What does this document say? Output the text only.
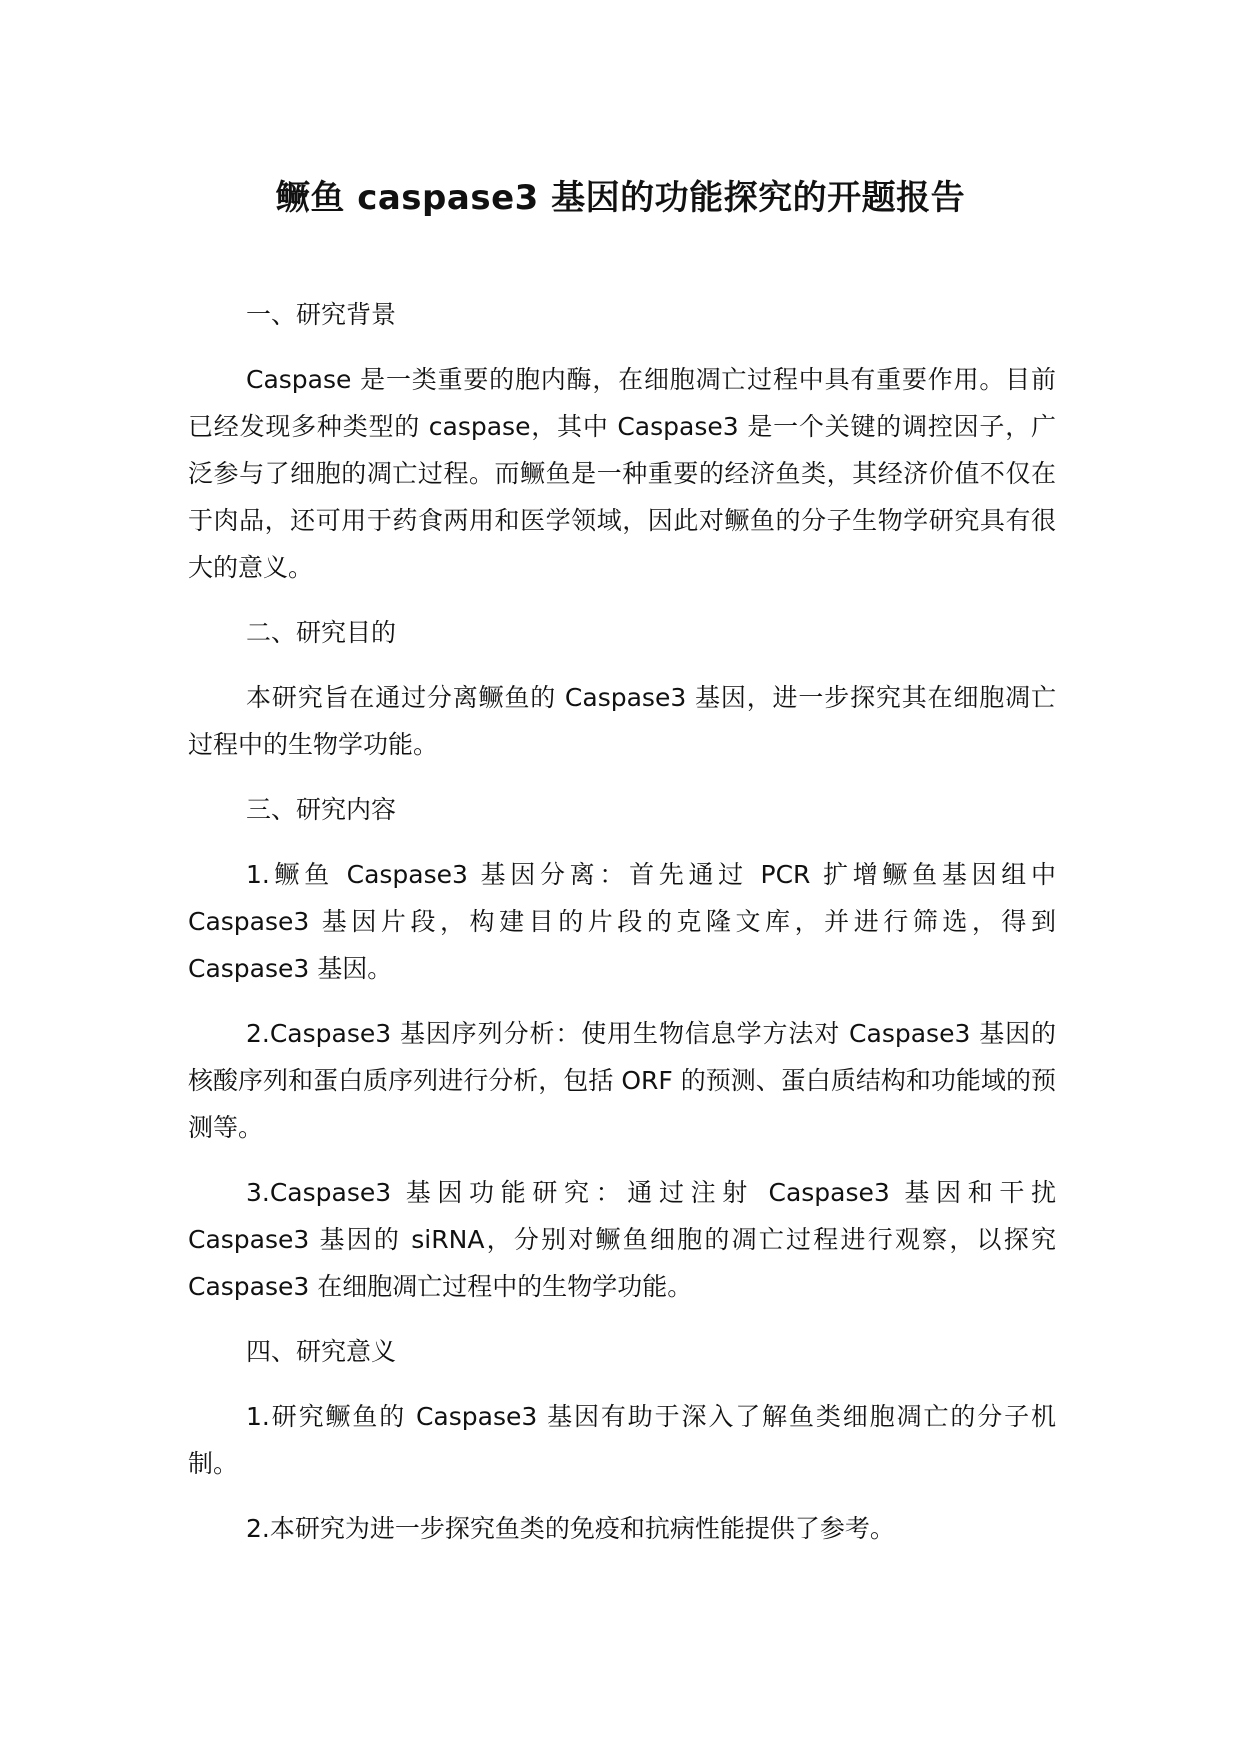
鳜鱼 caspase3 基因的功能探究的开题报告

一、研究背景

Caspase 是一类重要的胞内酶，在细胞凋亡过程中具有重要作用。目前已经发现多种类型的 caspase，其中 Caspase3 是一个关键的调控因子，广泛参与了细胞的凋亡过程。而鳜鱼是一种重要的经济鱼类，其经济价值不仅在于肉品，还可用于药食两用和医学领域，因此对鳜鱼的分子生物学研究具有很大的意义。

二、研究目的

本研究旨在通过分离鳜鱼的 Caspase3 基因，进一步探究其在细胞凋亡过程中的生物学功能。

三、研究内容

1.鳜鱼 Caspase3 基因分离：首先通过 PCR 扩增鳜鱼基因组中 Caspase3 基因片段，构建目的片段的克隆文库，并进行筛选，得到 Caspase3 基因。

2.Caspase3 基因序列分析：使用生物信息学方法对 Caspase3 基因的核酸序列和蛋白质序列进行分析，包括 ORF 的预测、蛋白质结构和功能域的预测等。

3.Caspase3 基因功能研究：通过注射 Caspase3 基因和干扰 Caspase3 基因的 siRNA，分别对鳜鱼细胞的凋亡过程进行观察，以探究 Caspase3 在细胞凋亡过程中的生物学功能。

四、研究意义

1.研究鳜鱼的 Caspase3 基因有助于深入了解鱼类细胞凋亡的分子机制。

2.本研究为进一步探究鱼类的免疫和抗病性能提供了参考。
